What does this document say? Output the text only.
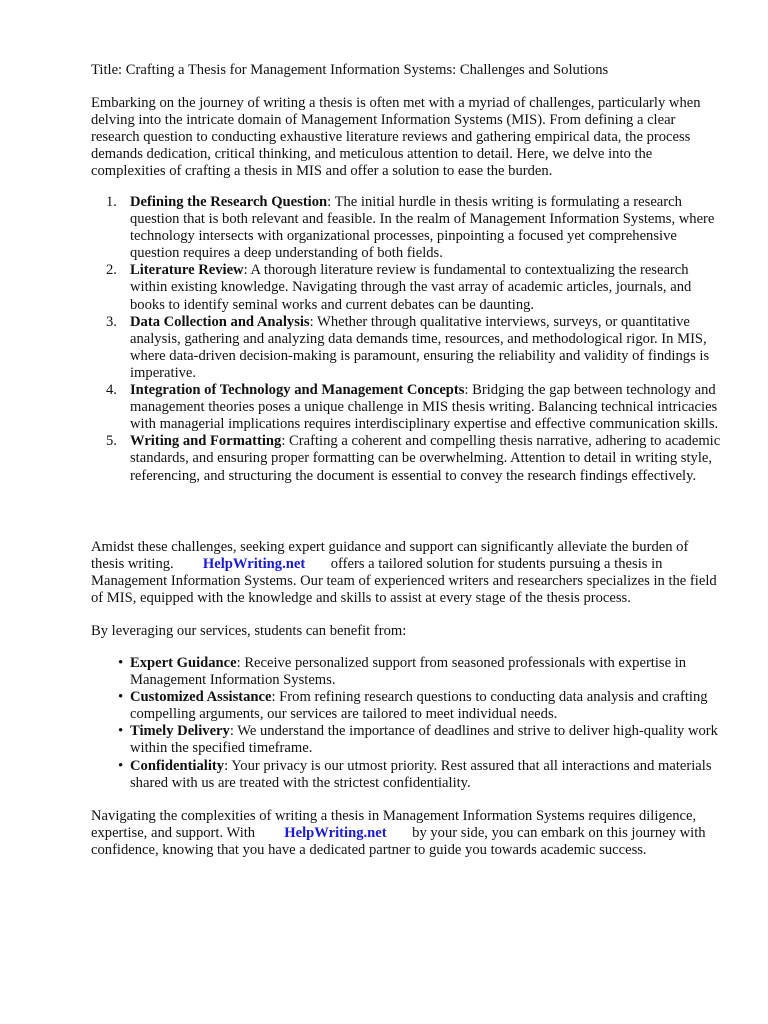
Title: Crafting a Thesis for Management Information Systems: Challenges and Solutions

Embarking on the journey of writing a thesis is often met with a myriad of challenges, particularly when delving into the intricate domain of Management Information Systems (MIS). From defining a clear research question to conducting exhaustive literature reviews and gathering empirical data, the process demands dedication, critical thinking, and meticulous attention to detail. Here, we delve into the complexities of crafting a thesis in MIS and offer a solution to ease the burden.

1. Defining the Research Question: The initial hurdle in thesis writing is formulating a research question that is both relevant and feasible. In the realm of Management Information Systems, where technology intersects with organizational processes, pinpointing a focused yet comprehensive question requires a deep understanding of both fields.
2. Literature Review: A thorough literature review is fundamental to contextualizing the research within existing knowledge. Navigating through the vast array of academic articles, journals, and books to identify seminal works and current debates can be daunting.
3. Data Collection and Analysis: Whether through qualitative interviews, surveys, or quantitative analysis, gathering and analyzing data demands time, resources, and methodological rigor. In MIS, where data-driven decision-making is paramount, ensuring the reliability and validity of findings is imperative.
4. Integration of Technology and Management Concepts: Bridging the gap between technology and management theories poses a unique challenge in MIS thesis writing. Balancing technical intricacies with managerial implications requires interdisciplinary expertise and effective communication skills.
5. Writing and Formatting: Crafting a coherent and compelling thesis narrative, adhering to academic standards, and ensuring proper formatting can be overwhelming. Attention to detail in writing style, referencing, and structuring the document is essential to convey the research findings effectively.

Amidst these challenges, seeking expert guidance and support can significantly alleviate the burden of thesis writing. HelpWriting.net offers a tailored solution for students pursuing a thesis in Management Information Systems. Our team of experienced writers and researchers specializes in the field of MIS, equipped with the knowledge and skills to assist at every stage of the thesis process.

By leveraging our services, students can benefit from:

• Expert Guidance: Receive personalized support from seasoned professionals with expertise in Management Information Systems.
• Customized Assistance: From refining research questions to conducting data analysis and crafting compelling arguments, our services are tailored to meet individual needs.
• Timely Delivery: We understand the importance of deadlines and strive to deliver high-quality work within the specified timeframe.
• Confidentiality: Your privacy is our utmost priority. Rest assured that all interactions and materials shared with us are treated with the strictest confidentiality.

Navigating the complexities of writing a thesis in Management Information Systems requires diligence, expertise, and support. With HelpWriting.net by your side, you can embark on this journey with confidence, knowing that you have a dedicated partner to guide you towards academic success.
